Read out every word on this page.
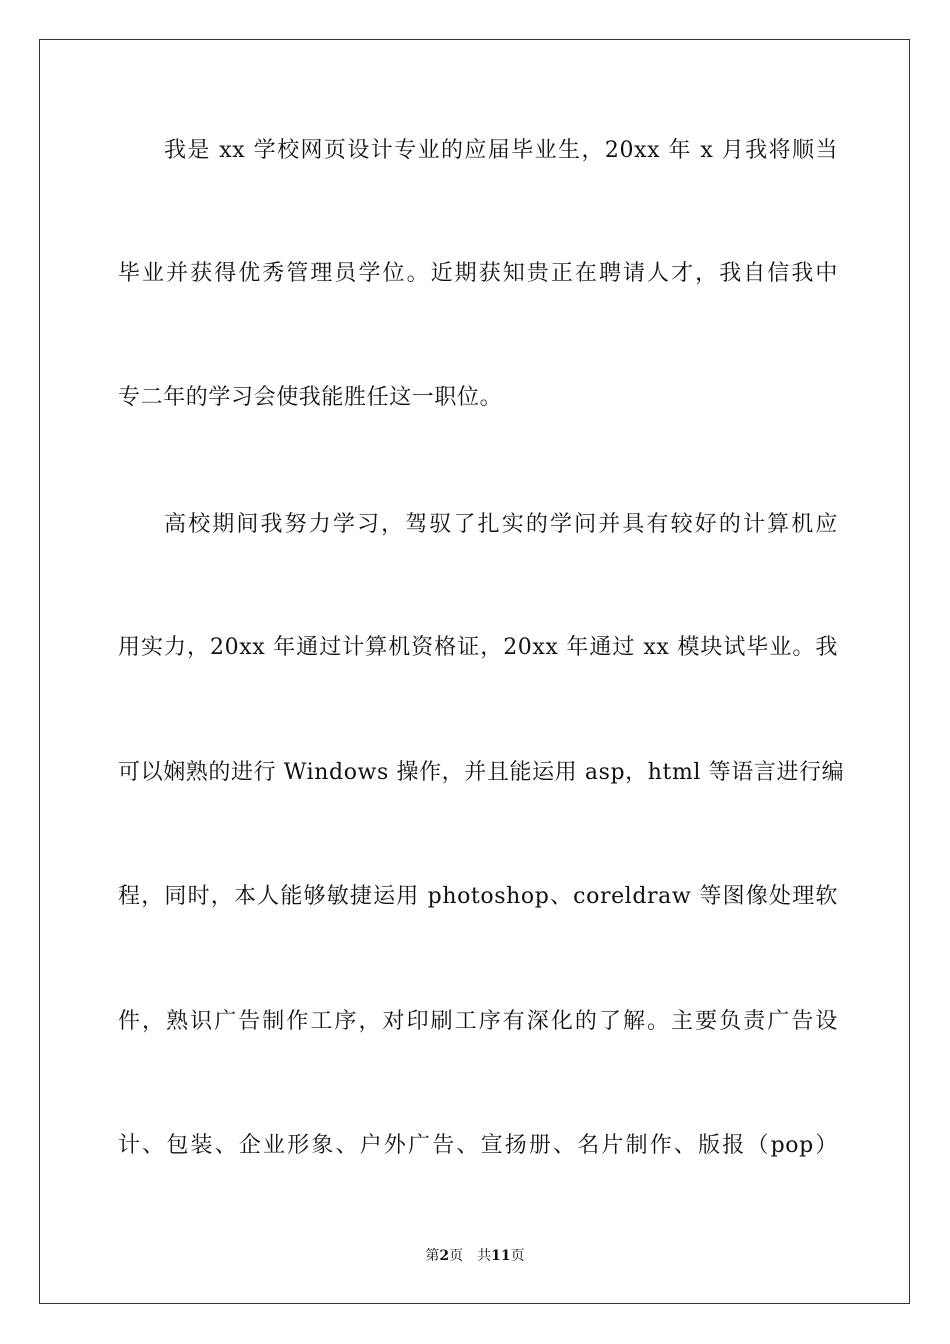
我是 xx 学校网页设计专业的应届毕业生，20xx 年 x 月我将顺当
毕业并获得优秀管理员学位。近期获知贵正在聘请人才，我自信我中
专二年的学习会使我能胜任这一职位。
高校期间我努力学习，驾驭了扎实的学问并具有较好的计算机应
用实力，20xx 年通过计算机资格证，20xx 年通过 xx 模块试毕业。我
可以娴熟的进行 Windows 操作，并且能运用 asp，html 等语言进行编
程，同时，本人能够敏捷运用 photoshop、coreldraw 等图像处理软
件，熟识广告制作工序，对印刷工序有深化的了解。主要负责广告设
计、包装、企业形象、户外广告、宣扬册、名片制作、版报（pop）
第2页 共11页
